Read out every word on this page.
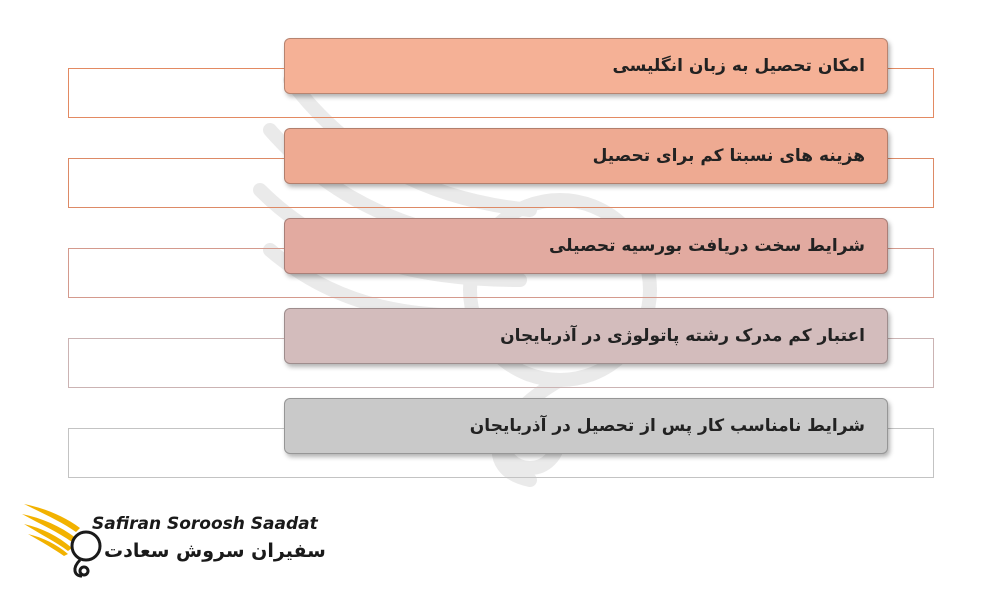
امکان تحصیل به زبان انگلیسی
هزینه های نسبتا کم برای تحصیل
شرایط سخت دریافت بورسیه تحصیلی
اعتبار کم مدرک رشته پاتولوژی در آذربایجان
شرایط نامناسب کار پس از تحصیل در آذربایجان
Safiran Soroosh Saadat
سفیران سروش سعادت
